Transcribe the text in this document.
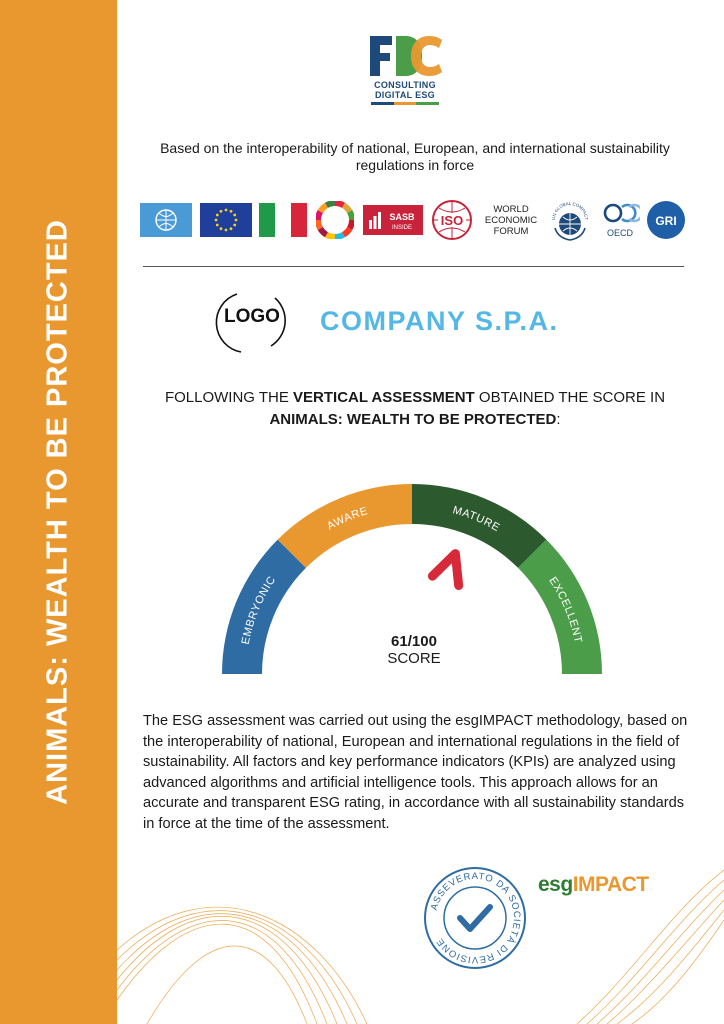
ANIMALS: WEALTH TO BE PROTECTED
FDC
CONSULTING
DIGITAL ESG
Based on the interoperability of national, European, and international sustainability regulations in force
SASB
INSIDE ISO
WORLD
ECONOMIC
FORUM
UN GLOBAL COMPACT
OECD
GRI
LOGO	COMPANY S.P.A.
FOLLOWING THE VERTICAL ASSESSMENT OBTAINED THE SCORE IN
ANIMALS: WEALTH TO BE PROTECTED:
EMBRYONIC
AWARE	MATURE
EXCELLENT
61/100
SCORE
The ESG assessment was carried out using the esgIMPACT methodology, based on the interoperability of national, European and international regulations in the field of sustainability. All factors and key performance indicators (KPIs) are analyzed using advanced algorithms and artificial intelligence tools. This approach allows for an accurate and transparent ESG rating, in accordance with all sustainability standards in force at the time of the assessment.
ASSEVERATO DA SOCIETÀ DI REVISIONE
esgIMPACT
